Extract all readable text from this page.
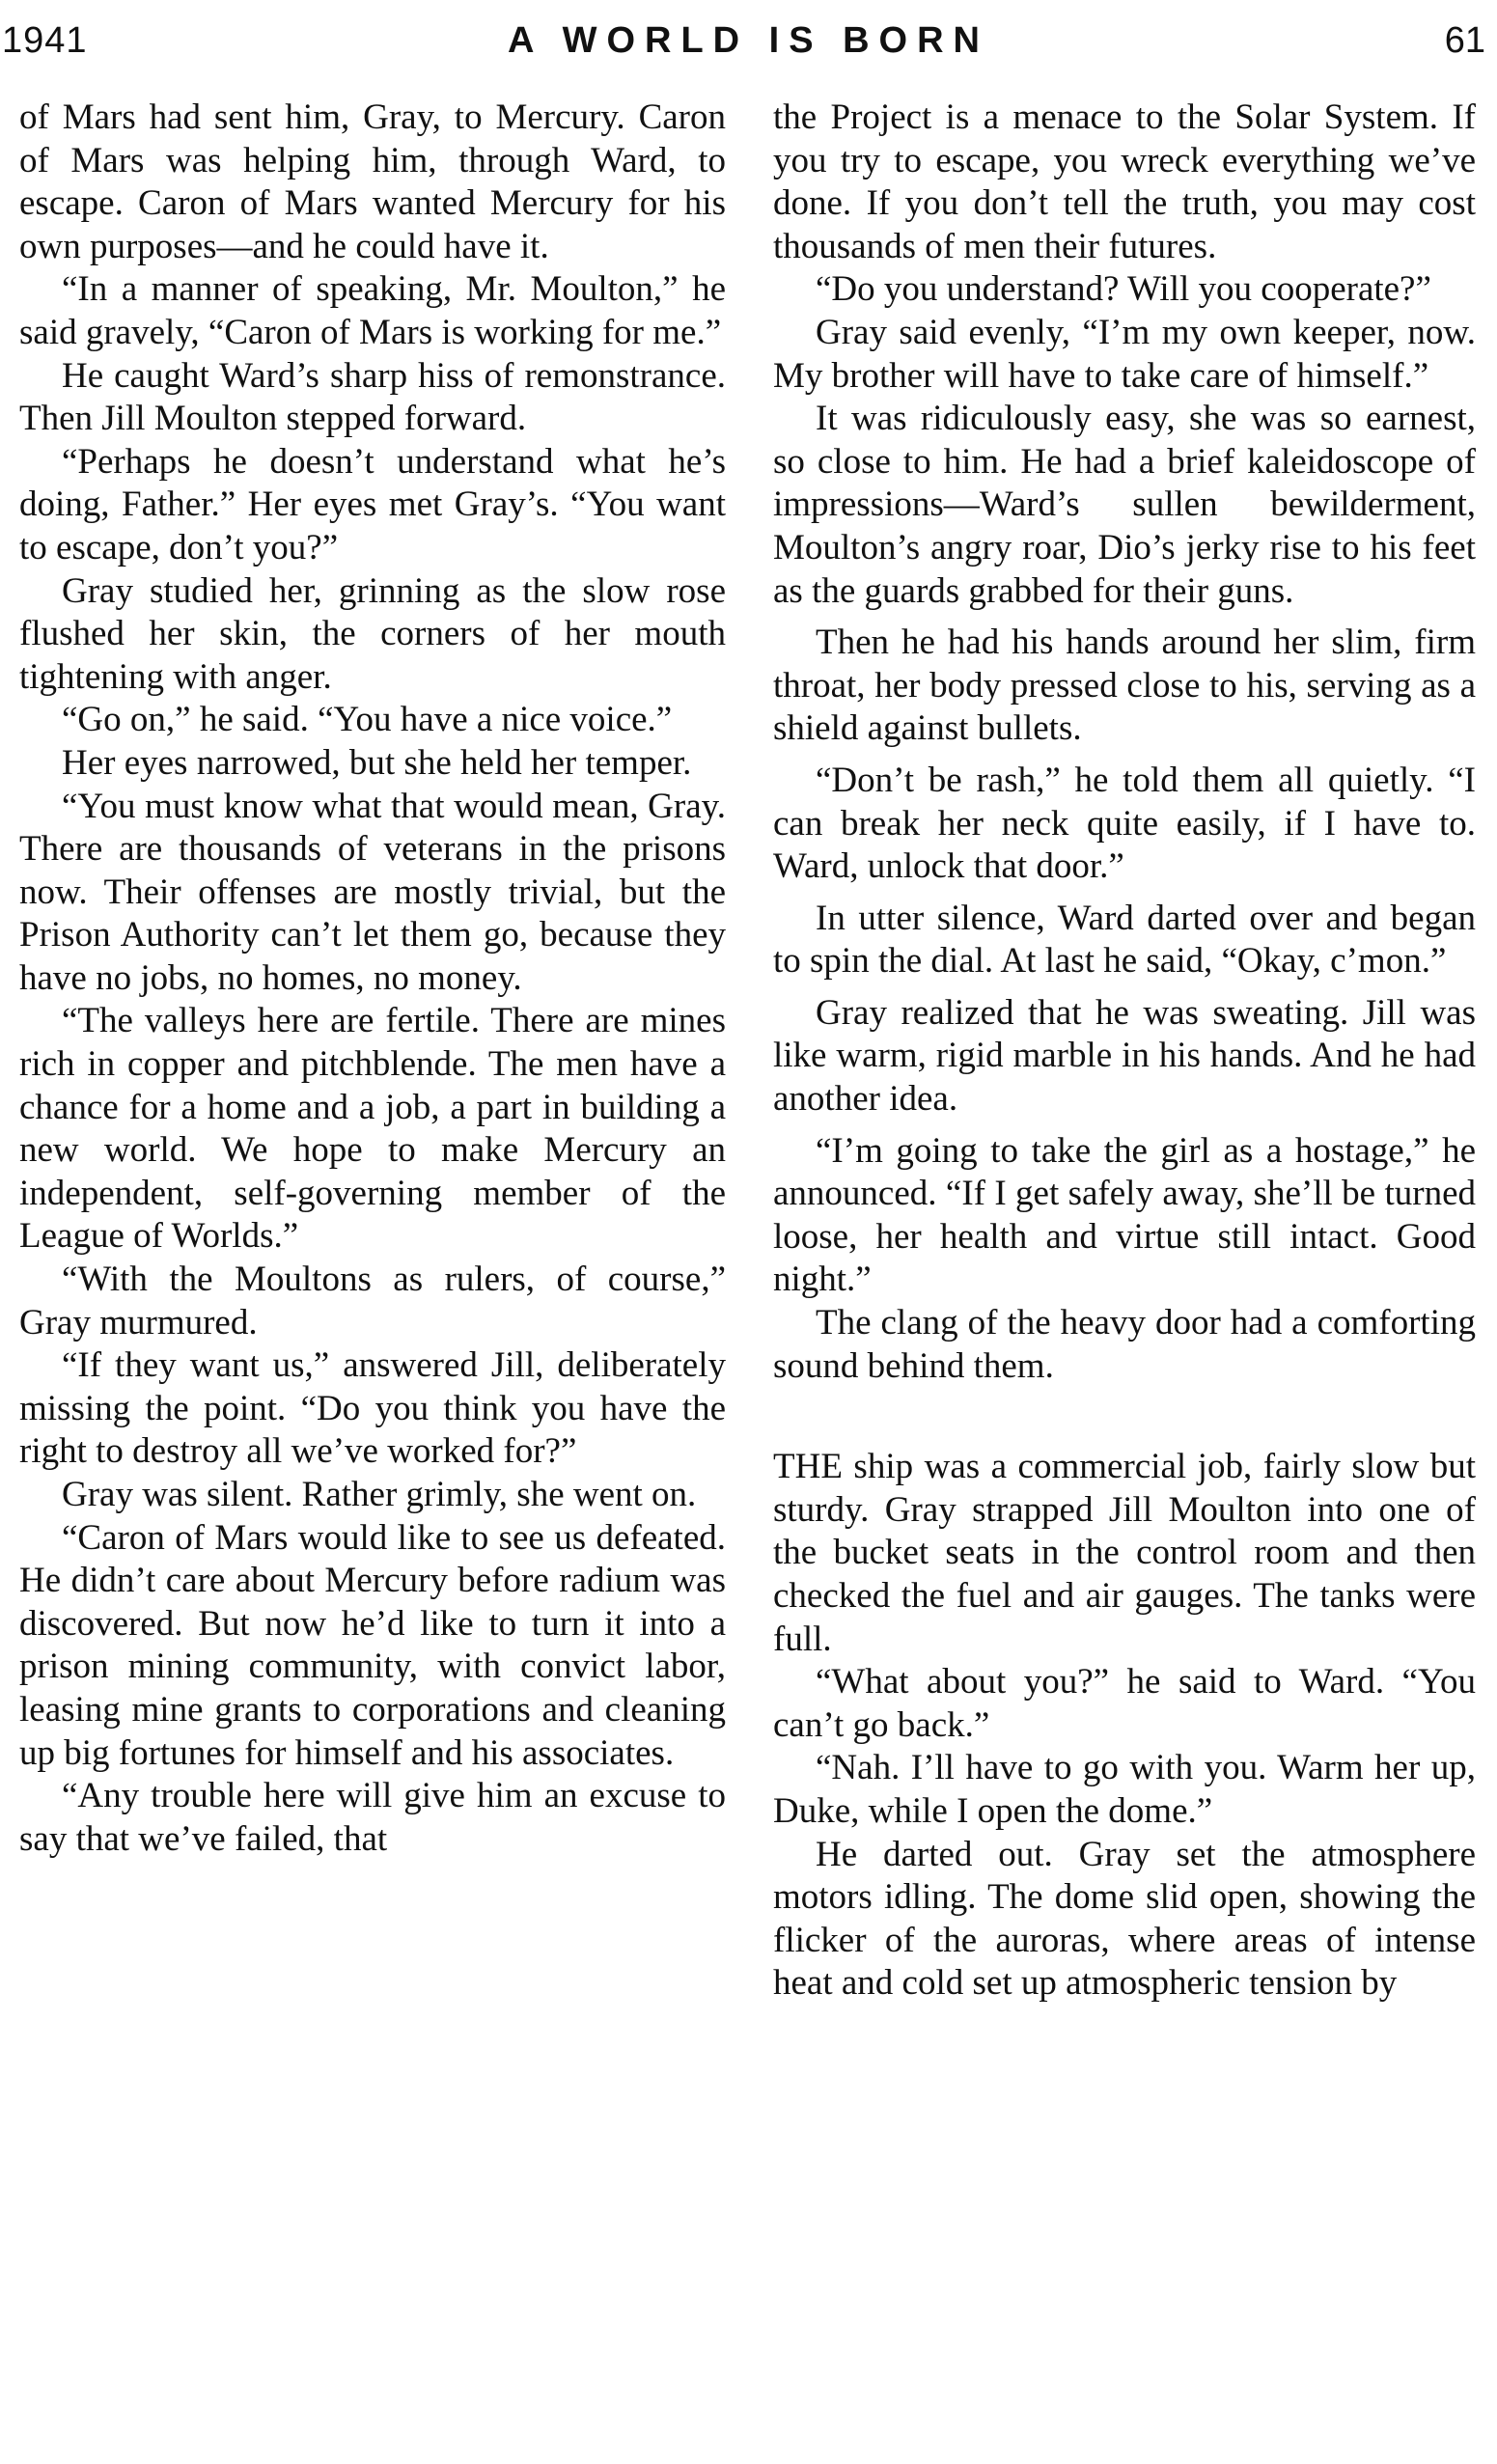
1941	A WORLD IS BORN	61

of Mars had sent him, Gray, to Mercury. Caron of Mars was helping him, through Ward, to escape. Caron of Mars wanted Mercury for his own purposes—and he could have it.

“In a manner of speaking, Mr. Moulton,” he said gravely, “Caron of Mars is working for me.”

He caught Ward’s sharp hiss of remonstrance. Then Jill Moulton stepped forward.

“Perhaps he doesn’t understand what he’s doing, Father.” Her eyes met Gray’s. “You want to escape, don’t you?”

Gray studied her, grinning as the slow rose flushed her skin, the corners of her mouth tightening with anger.

“Go on,” he said. “You have a nice voice.”

Her eyes narrowed, but she held her temper.

“You must know what that would mean, Gray. There are thousands of veterans in the prisons now. Their offenses are mostly trivial, but the Prison Authority can’t let them go, because they have no jobs, no homes, no money.

“The valleys here are fertile. There are mines rich in copper and pitchblende. The men have a chance for a home and a job, a part in building a new world. We hope to make Mercury an independent, self-governing member of the League of Worlds.”

“With the Moultons as rulers, of course,” Gray murmured.

“If they want us,” answered Jill, deliberately missing the point. “Do you think you have the right to destroy all we’ve worked for?”

Gray was silent. Rather grimly, she went on.

“Caron of Mars would like to see us defeated. He didn’t care about Mercury before radium was discovered. But now he’d like to turn it into a prison mining community, with convict labor, leasing mine grants to corporations and cleaning up big fortunes for himself and his associates.

“Any trouble here will give him an excuse to say that we’ve failed, that

the Project is a menace to the Solar System. If you try to escape, you wreck everything we’ve done. If you don’t tell the truth, you may cost thousands of men their futures.

“Do you understand? Will you cooperate?”

Gray said evenly, “I’m my own keeper, now. My brother will have to take care of himself.”

It was ridiculously easy, she was so earnest, so close to him. He had a brief kaleidoscope of impressions—Ward’s sullen bewilderment, Moulton’s angry roar, Dio’s jerky rise to his feet as the guards grabbed for their guns.

Then he had his hands around her slim, firm throat, her body pressed close to his, serving as a shield against bullets.

“Don’t be rash,” he told them all quietly. “I can break her neck quite easily, if I have to. Ward, unlock that door.”

In utter silence, Ward darted over and began to spin the dial. At last he said, “Okay, c’mon.”

Gray realized that he was sweating. Jill was like warm, rigid marble in his hands. And he had another idea.

“I’m going to take the girl as a hostage,” he announced. “If I get safely away, she’ll be turned loose, her health and virtue still intact. Good night.”

The clang of the heavy door had a comforting sound behind them.

THE ship was a commercial job, fairly slow but sturdy. Gray strapped Jill Moulton into one of the bucket seats in the control room and then checked the fuel and air gauges. The tanks were full.

“What about you?” he said to Ward. “You can’t go back.”

“Nah. I’ll have to go with you. Warm her up, Duke, while I open the dome.”

He darted out. Gray set the atmosphere motors idling. The dome slid open, showing the flicker of the auroras, where areas of intense heat and cold set up atmospheric tension by
